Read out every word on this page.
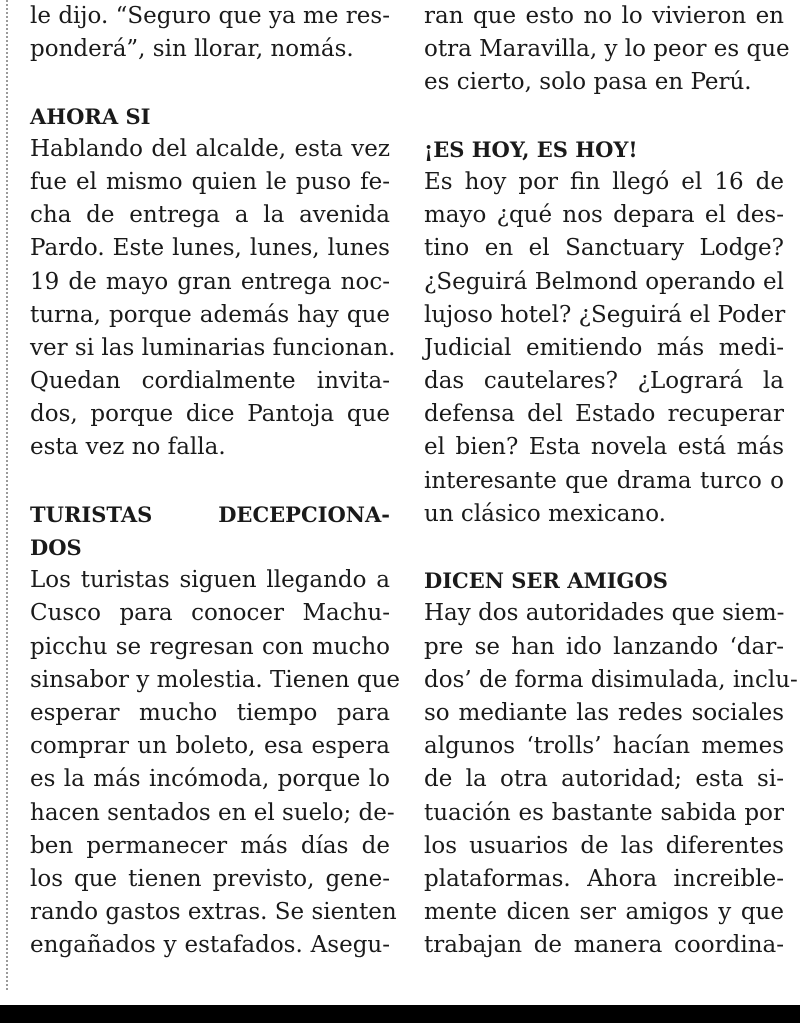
le dijo. “Seguro que ya me res-
ponderá”, sin llorar, nomás.
AHORA SI
Hablando del alcalde, esta vez
fue el mismo quien le puso fe-
cha de entrega a la avenida
Pardo. Este lunes, lunes, lunes
19 de mayo gran entrega noc-
turna, porque además hay que
ver si las luminarias funcionan.
Quedan cordialmente invita-
dos, porque dice Pantoja que
esta vez no falla.
TURISTAS DECEPCIONA-
DOS
Los turistas siguen llegando a
Cusco para conocer Machu-
picchu se regresan con mucho
sinsabor y molestia. Tienen que
esperar mucho tiempo para
comprar un boleto, esa espera
es la más incómoda, porque lo
hacen sentados en el suelo; de-
ben permanecer más días de
los que tienen previsto, gene-
rando gastos extras. Se sienten
engañados y estafados. Asegu-
ran que esto no lo vivieron en
otra Maravilla, y lo peor es que
es cierto, solo pasa en Perú.
¡ES HOY, ES HOY!
Es hoy por fin llegó el 16 de
mayo ¿qué nos depara el des-
tino en el Sanctuary Lodge?
¿Seguirá Belmond operando el
lujoso hotel? ¿Seguirá el Poder
Judicial emitiendo más medi-
das cautelares? ¿Logrará la
defensa del Estado recuperar
el bien? Esta novela está más
interesante que drama turco o
un clásico mexicano.
DICEN SER AMIGOS
Hay dos autoridades que siem-
pre se han ido lanzando ‘dar-
dos’ de forma disimulada, inclu-
so mediante las redes sociales
algunos ‘trolls’ hacían memes
de la otra autoridad; esta si-
tuación es bastante sabida por
los usuarios de las diferentes
plataformas. Ahora increible-
mente dicen ser amigos y que
trabajan de manera coordina-
